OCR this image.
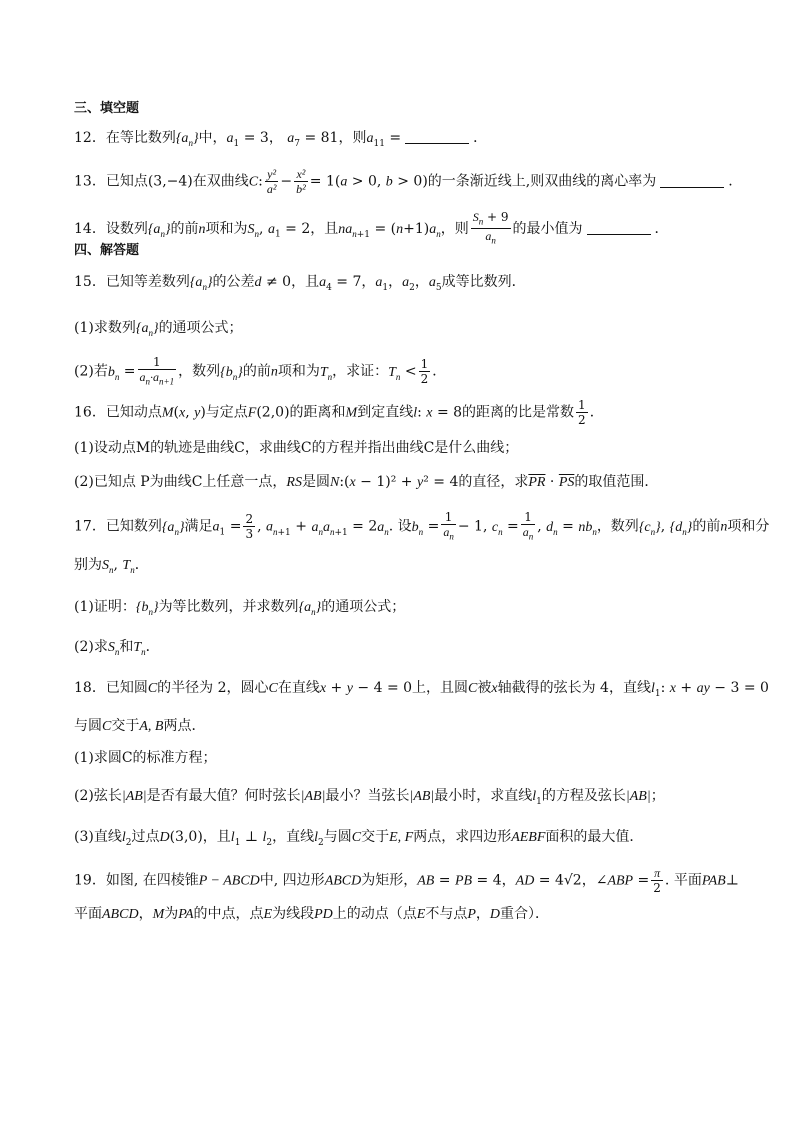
三、填空题
12．在等比数列$\{a_n\}$中，$a_1 = 3$， $a_7 = 81$，则$a_{11}$ =	．
13．已知点(3,−4)在双曲线C: $\frac{\text{y²}}{\text{a²}} - \frac{\text{x²}}{\text{b²}} = 1(a > 0$, b > 0)的一条渐近线上,则双曲线的离心率为	.
14．设数列$\{a_n\}$的前n项和为$S_n$, $a_1 = 2$，且$na_{n+1} = (n+1)a_n$，则 $\frac{S_n + 9}{a_n}$ 的最小值为	．
四、解答题
15．已知等差数列$\{a_n\}$的公差d ≠ 0，且$a_4 = 7$，$a_1$，$a_2$，$a_5$成等比数列．
(1)求数列$\{a_n\}$的通项公式；
(2)若$b_n = \frac{1}{a_n\cdot a_{n+1}}$ ，数列$\{b_n\}$的前n项和为$T_n$，求证：$T_n < \frac{1}{2}$ ．
16．已知动点M(x, y)与定点F(2,0)的距离和M到定直线l: x = 8的距离的比是常数 $\frac{1}{2}$ ．
(1)设动点M的轨迹是曲线C，求曲线C的方程并指出曲线C是什么曲线；
(2)已知点 P为曲线C上任意一点，RS是圆N:(x − 1)² + y² = 4的直径，求$\overline{PR} \cdot \overline{PS}$的取值范围．
17．已知数列$\{a_n\}$满足$a_1 = \frac{2}{3}$ , $a_{n+1} + a_na_{n+1} = 2a_n$. 设$b_n = \frac{1}{a_n} - 1$, $c_n = \frac{1}{a_n}$ , $d_n = nb_n$，数列$\{c_n\}$, $\{d_n\}$的前n项和分
别为$S_n$, $T_n$．
(1)证明：$\{b_n\}$为等比数列，并求数列$\{a_n\}$的通项公式；
(2)求$S_n$和$T_n$．
18．已知圆C的半径为 2，圆心C在直线x + y − 4 = 0上，且圆C被x轴截得的弦长为 4，直线$l_1$: x + ay − 3 = 0
与圆C交于A, B两点．
(1)求圆C的标准方程；
(2)弦长|AB|是否有最大值？何时弦长|AB|最小？当弦长|AB|最小时，求直线$l_1$的方程及弦长|AB|；
(3)直线$l_2$过点D(3,0)，且$l_1$ ⊥ $l_2$，直线$l_2$与圆C交于E, F两点，求四边形AEBF面积的最大值．
19．如图, 在四棱锥P − ABCD中, 四边形ABCD为矩形，AB = PB = 4，AD = 4√2，∠ABP = $\frac{\pi}{2}$ . 平面PAB⊥
平面ABCD，M为PA的中点，点E为线段PD上的动点（点E不与点P，D重合）．
